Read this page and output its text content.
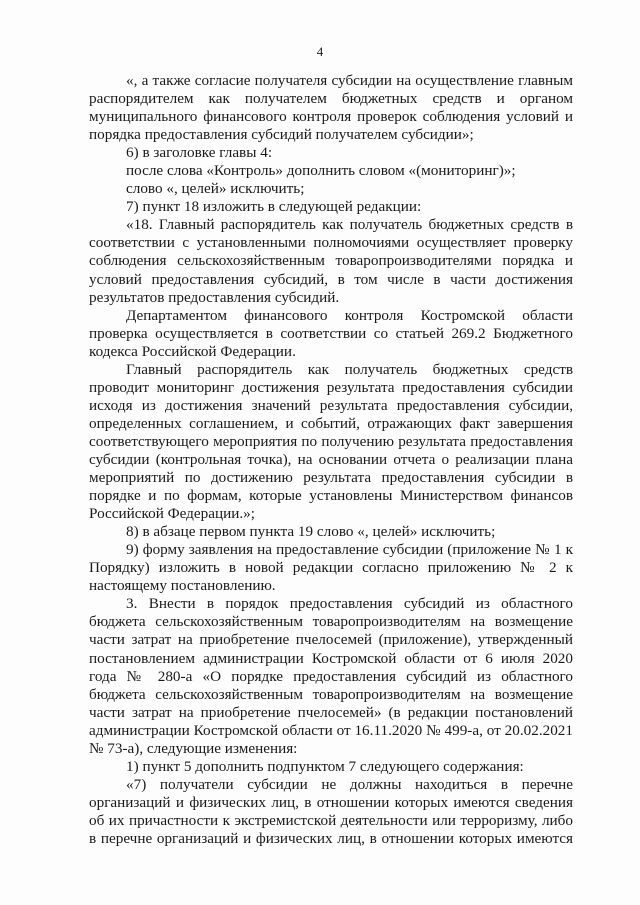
4

«, а также согласие получателя субсидии на осуществление главным распорядителем как получателем бюджетных средств и органом муниципального финансового контроля проверок соблюдения условий и порядка предоставления субсидий получателем субсидии»;

6) в заголовке главы 4:

после слова «Контроль» дополнить словом «(мониторинг)»;

слово «, целей» исключить;

7) пункт 18 изложить в следующей редакции:

«18. Главный распорядитель как получатель бюджетных средств в соответствии с установленными полномочиями осуществляет проверку соблюдения сельскохозяйственным товаропроизводителями порядка и условий предоставления субсидий, в том числе в части достижения результатов предоставления субсидий.

Департаментом финансового контроля Костромской области проверка осуществляется в соответствии со статьей 269.2 Бюджетного кодекса Российской Федерации.

Главный распорядитель как получатель бюджетных средств проводит мониторинг достижения результата предоставления субсидии исходя из достижения значений результата предоставления субсидии, определенных соглашением, и событий, отражающих факт завершения соответствующего мероприятия по получению результата предоставления субсидии (контрольная точка), на основании отчета о реализации плана мероприятий по достижению результата предоставления субсидии в порядке и по формам, которые установлены Министерством финансов Российской Федерации.»;

8) в абзаце первом пункта 19 слово «, целей» исключить;

9) форму заявления на предоставление субсидии (приложение № 1 к Порядку) изложить в новой редакции согласно приложению № 2 к настоящему постановлению.

3. Внести в порядок предоставления субсидий из областного бюджета сельскохозяйственным товаропроизводителям на возмещение части затрат на приобретение пчелосемей (приложение), утвержденный постановлением администрации Костромской области от 6 июля 2020 года № 280-а «О порядке предоставления субсидий из областного бюджета сельскохозяйственным товаропроизводителям на возмещение части затрат на приобретение пчелосемей» (в редакции постановлений администрации Костромской области от 16.11.2020 № 499-а, от 20.02.2021 № 73-а), следующие изменения:

1) пункт 5 дополнить подпунктом 7 следующего содержания:

«7) получатели субсидии не должны находиться в перечне организаций и физических лиц, в отношении которых имеются сведения об их причастности к экстремистской деятельности или терроризму, либо в перечне организаций и физических лиц, в отношении которых имеются
